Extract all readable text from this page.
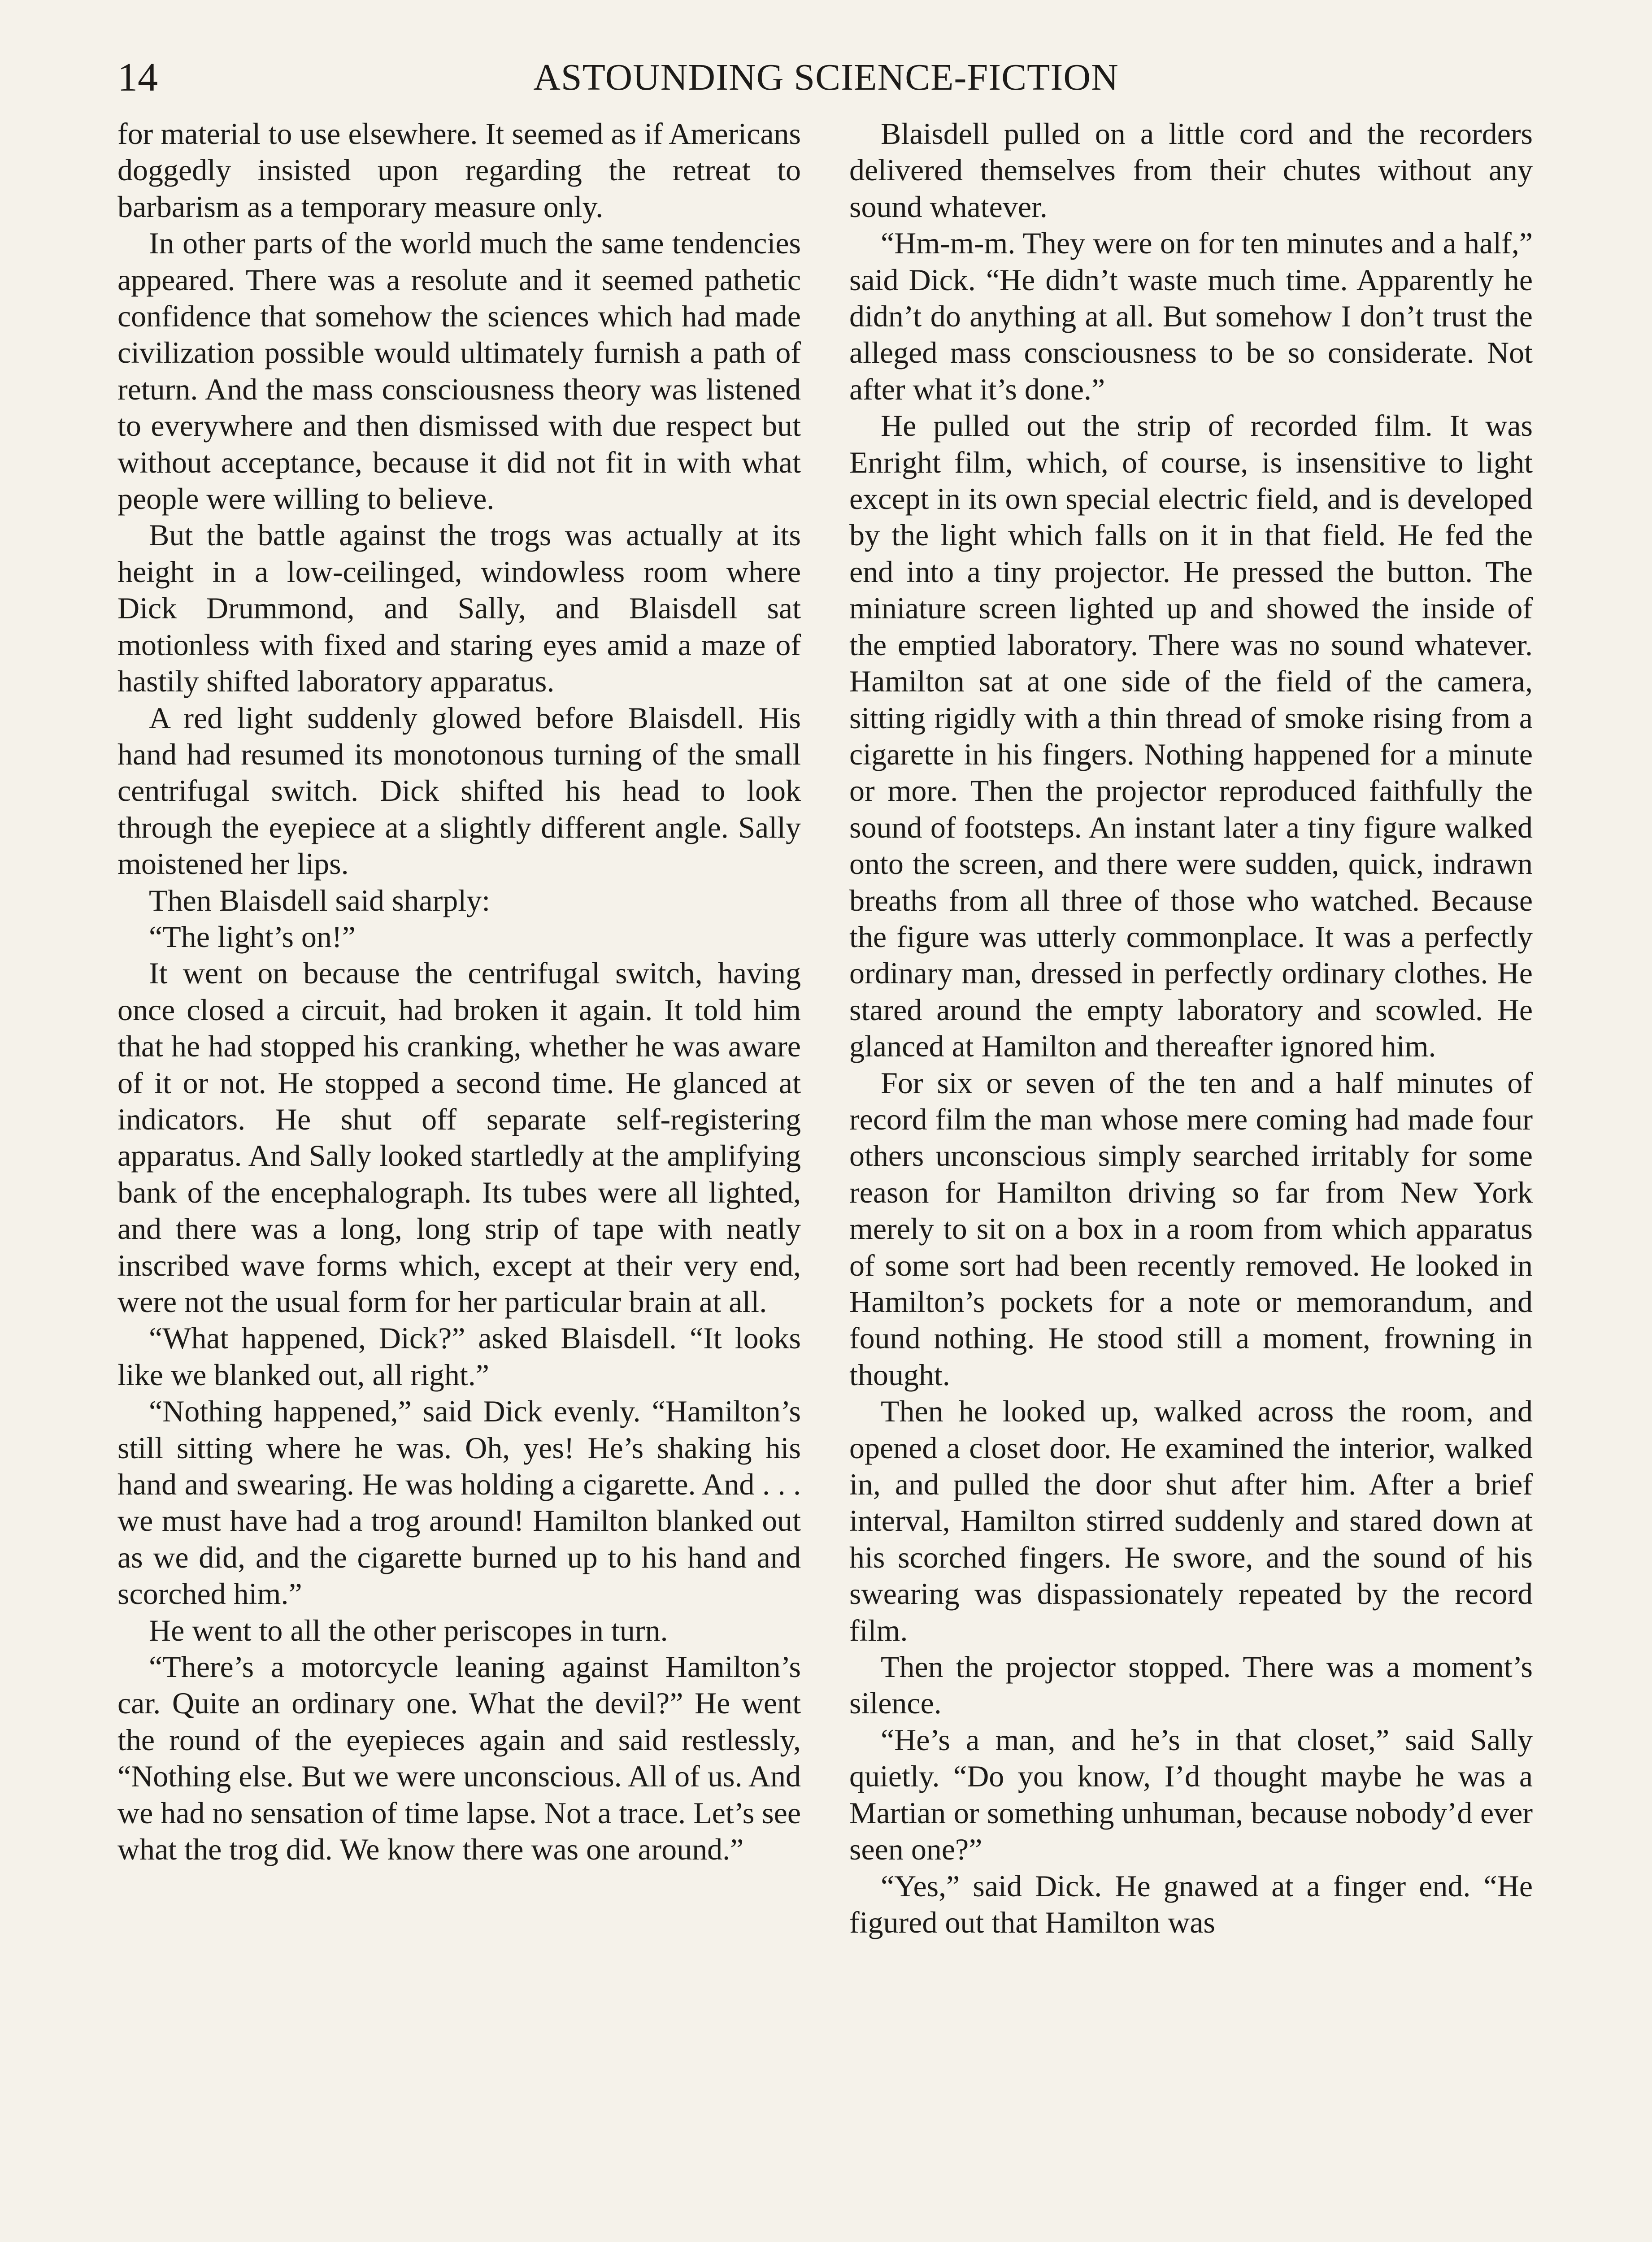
14	ASTOUNDING SCIENCE-FICTION

for material to use elsewhere. It seemed as if Americans doggedly insisted upon regarding the retreat to barbarism as a temporary measure only.

In other parts of the world much the same tendencies appeared. There was a resolute and it seemed pathetic confidence that somehow the sciences which had made civilization possible would ultimately furnish a path of return. And the mass consciousness theory was listened to everywhere and then dismissed with due respect but without acceptance, because it did not fit in with what people were willing to believe.

But the battle against the trogs was actually at its height in a low-ceilinged, windowless room where Dick Drummond, and Sally, and Blaisdell sat motionless with fixed and staring eyes amid a maze of hastily shifted laboratory apparatus.

A red light suddenly glowed before Blaisdell. His hand had resumed its monotonous turning of the small centrifugal switch. Dick shifted his head to look through the eyepiece at a slightly different angle. Sally moistened her lips.

Then Blaisdell said sharply:

“The light’s on!”

It went on because the centrifugal switch, having once closed a circuit, had broken it again. It told him that he had stopped his cranking, whether he was aware of it or not. He stopped a second time. He glanced at indicators. He shut off separate self-registering apparatus. And Sally looked startledly at the amplifying bank of the encephalograph. Its tubes were all lighted, and there was a long, long strip of tape with neatly inscribed wave forms which, except at their very end, were not the usual form for her particular brain at all.

“What happened, Dick?” asked Blaisdell. “It looks like we blanked out, all right.”

“Nothing happened,” said Dick evenly. “Hamilton’s still sitting where he was. Oh, yes! He’s shaking his hand and swearing. He was holding a cigarette. And . . . we must have had a trog around! Hamilton blanked out as we did, and the cigarette burned up to his hand and scorched him.”

He went to all the other periscopes in turn.

“There’s a motorcycle leaning against Hamilton’s car. Quite an ordinary one. What the devil?” He went the round of the eyepieces again and said restlessly, “Nothing else. But we were unconscious. All of us. And we had no sensation of time lapse. Not a trace. Let’s see what the trog did. We know there was one around.”

Blaisdell pulled on a little cord and the recorders delivered themselves from their chutes without any sound whatever.

“Hm-m-m. They were on for ten minutes and a half,” said Dick. “He didn’t waste much time. Apparently he didn’t do anything at all. But somehow I don’t trust the alleged mass consciousness to be so considerate. Not after what it’s done.”

He pulled out the strip of recorded film. It was Enright film, which, of course, is insensitive to light except in its own special electric field, and is developed by the light which falls on it in that field. He fed the end into a tiny projector. He pressed the button. The miniature screen lighted up and showed the inside of the emptied laboratory. There was no sound whatever. Hamilton sat at one side of the field of the camera, sitting rigidly with a thin thread of smoke rising from a cigarette in his fingers. Nothing happened for a minute or more. Then the projector reproduced faithfully the sound of footsteps. An instant later a tiny figure walked onto the screen, and there were sudden, quick, indrawn breaths from all three of those who watched. Because the figure was utterly commonplace. It was a perfectly ordinary man, dressed in perfectly ordinary clothes. He stared around the empty laboratory and scowled. He glanced at Hamilton and thereafter ignored him.

For six or seven of the ten and a half minutes of record film the man whose mere coming had made four others unconscious simply searched irritably for some reason for Hamilton driving so far from New York merely to sit on a box in a room from which apparatus of some sort had been recently removed. He looked in Hamilton’s pockets for a note or memorandum, and found nothing. He stood still a moment, frowning in thought.

Then he looked up, walked across the room, and opened a closet door. He examined the interior, walked in, and pulled the door shut after him. After a brief interval, Hamilton stirred suddenly and stared down at his scorched fingers. He swore, and the sound of his swearing was dispassionately repeated by the record film.

Then the projector stopped. There was a moment’s silence.

“He’s a man, and he’s in that closet,” said Sally quietly. “Do you know, I’d thought maybe he was a Martian or something unhuman, because nobody’d ever seen one?”

“Yes,” said Dick. He gnawed at a finger end. “He figured out that Hamilton was
